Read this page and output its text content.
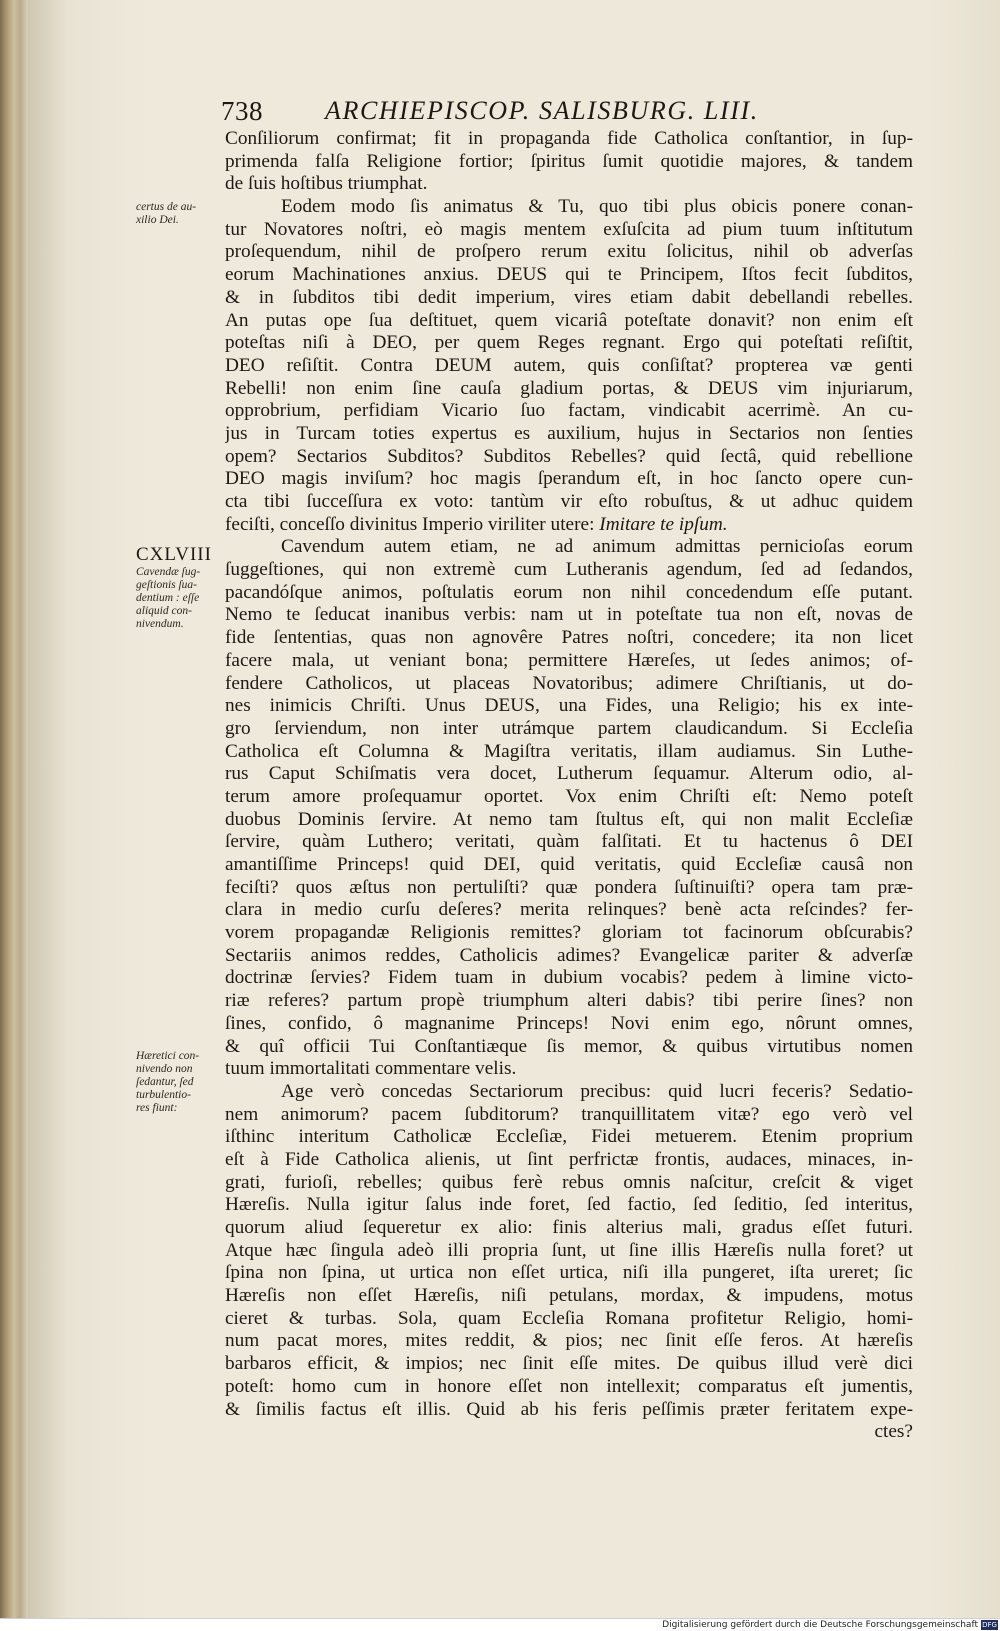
738 ARCHIEPISCOP. SALISBURG. LIII.
certus de au-
xilio Dei.
CXLVIII
Cavendæ ſug-
geſtionis ſua-
dentium : eſſe
aliquid con-
nivendum.
Hæretici con-
nivendo non
ſedantur, ſed
turbulentio-
res fiunt:
Conſiliorum confirmat; fit in propaganda fide Catholica conſtantior, in ſup-
primenda falſa Religione fortior; ſpiritus ſumit quotidie majores, & tandem
de ſuis hoſtibus triumphat.
Eodem modo ſis animatus & Tu, quo tibi plus obicis ponere conan-
tur Novatores noſtri, eò magis mentem exſuſcita ad pium tuum inſtitutum
proſequendum, nihil de proſpero rerum exitu ſolicitus, nihil ob adverſas
eorum Machinationes anxius. DEUS qui te Principem, Iſtos fecit ſubditos,
& in ſubditos tibi dedit imperium, vires etiam dabit debellandi rebelles.
An putas ope ſua deſtituet, quem vicariâ poteſtate donavit? non enim eſt
poteſtas niſi à DEO, per quem Reges regnant. Ergo qui poteſtati reſiſtit,
DEO reſiſtit. Contra DEUM autem, quis conſiſtat? propterea væ genti
Rebelli! non enim ſine cauſa gladium portas, & DEUS vim injuriarum,
opprobrium, perfidiam Vicario ſuo factam, vindicabit acerrimè. An cu-
jus in Turcam toties expertus es auxilium, hujus in Sectarios non ſenties
opem? Sectarios Subditos? Subditos Rebelles? quid ſectâ, quid rebellione
DEO magis inviſum? hoc magis ſperandum eſt, in hoc ſancto opere cun-
cta tibi ſucceſſura ex voto: tantùm vir eſto robuſtus, & ut adhuc quidem
feciſti, conceſſo divinitus Imperio viriliter utere: Imitare te ipſum.
Cavendum autem etiam, ne ad animum admittas pernicioſas eorum
ſuggeſtiones, qui non extremè cum Lutheranis agendum, ſed ad ſedandos,
pacandóſque animos, poſtulatis eorum non nihil concedendum eſſe putant.
Nemo te ſeducat inanibus verbis: nam ut in poteſtate tua non eſt, novas de
fide ſententias, quas non agnovêre Patres noſtri, concedere; ita non licet
facere mala, ut veniant bona; permittere Hæreſes, ut ſedes animos; of-
fendere Catholicos, ut placeas Novatoribus; adimere Chriſtianis, ut do-
nes inimicis Chriſti. Unus DEUS, una Fides, una Religio; his ex inte-
gro ſerviendum, non inter utrámque partem claudicandum. Si Eccleſia
Catholica eſt Columna & Magiſtra veritatis, illam audiamus. Sin Luthe-
rus Caput Schiſmatis vera docet, Lutherum ſequamur. Alterum odio, al-
terum amore proſequamur oportet. Vox enim Chriſti eſt: Nemo poteſt
duobus Dominis ſervire. At nemo tam ſtultus eſt, qui non malit Eccleſiæ
ſervire, quàm Luthero; veritati, quàm falſitati. Et tu hactenus ô DEI
amantiſſime Princeps! quid DEI, quid veritatis, quid Eccleſiæ causâ non
feciſti? quos æſtus non pertuliſti? quæ pondera ſuſtinuiſti? opera tam præ-
clara in medio curſu deſeres? merita relinques? benè acta reſcindes? fer-
vorem propagandæ Religionis remittes? gloriam tot facinorum obſcurabis?
Sectariis animos reddes, Catholicis adimes? Evangelicæ pariter & adverſæ
doctrinæ ſervies? Fidem tuam in dubium vocabis? pedem à limine victo-
riæ referes? partum propè triumphum alteri dabis? tibi perire ſines? non
ſines, confido, ô magnanime Princeps! Novi enim ego, nôrunt omnes,
& quî officii Tui Conſtantiæque ſis memor, & quibus virtutibus nomen
tuum immortalitati commentare velis.
Age verò concedas Sectariorum precibus: quid lucri feceris? Sedatio-
nem animorum? pacem ſubditorum? tranquillitatem vitæ? ego verò vel
iſthinc interitum Catholicæ Eccleſiæ, Fidei metuerem. Etenim proprium
eſt à Fide Catholica alienis, ut ſint perfrictæ frontis, audaces, minaces, in-
grati, furioſi, rebelles; quibus ferè rebus omnis naſcitur, creſcit & viget
Hæreſis. Nulla igitur ſalus inde foret, ſed factio, ſed ſeditio, ſed interitus,
quorum aliud ſequeretur ex alio: finis alterius mali, gradus eſſet futuri.
Atque hæc ſingula adeò illi propria ſunt, ut ſine illis Hæreſis nulla foret? ut
ſpina non ſpina, ut urtica non eſſet urtica, niſi illa pungeret, iſta ureret; ſic
Hæreſis non eſſet Hæreſis, niſi petulans, mordax, & impudens, motus
cieret & turbas. Sola, quam Eccleſia Romana profitetur Religio, homi-
num pacat mores, mites reddit, & pios; nec ſinit eſſe feros. At hæreſis
barbaros efficit, & impios; nec ſinit eſſe mites. De quibus illud verè dici
poteſt: homo cum in honore eſſet non intellexit; comparatus eſt jumentis,
& ſimilis factus eſt illis. Quid ab his feris peſſimis præter feritatem expe-
ctes?
Digitalisierung gefördert durch die Deutsche Forschungsgemeinschaft DFG
